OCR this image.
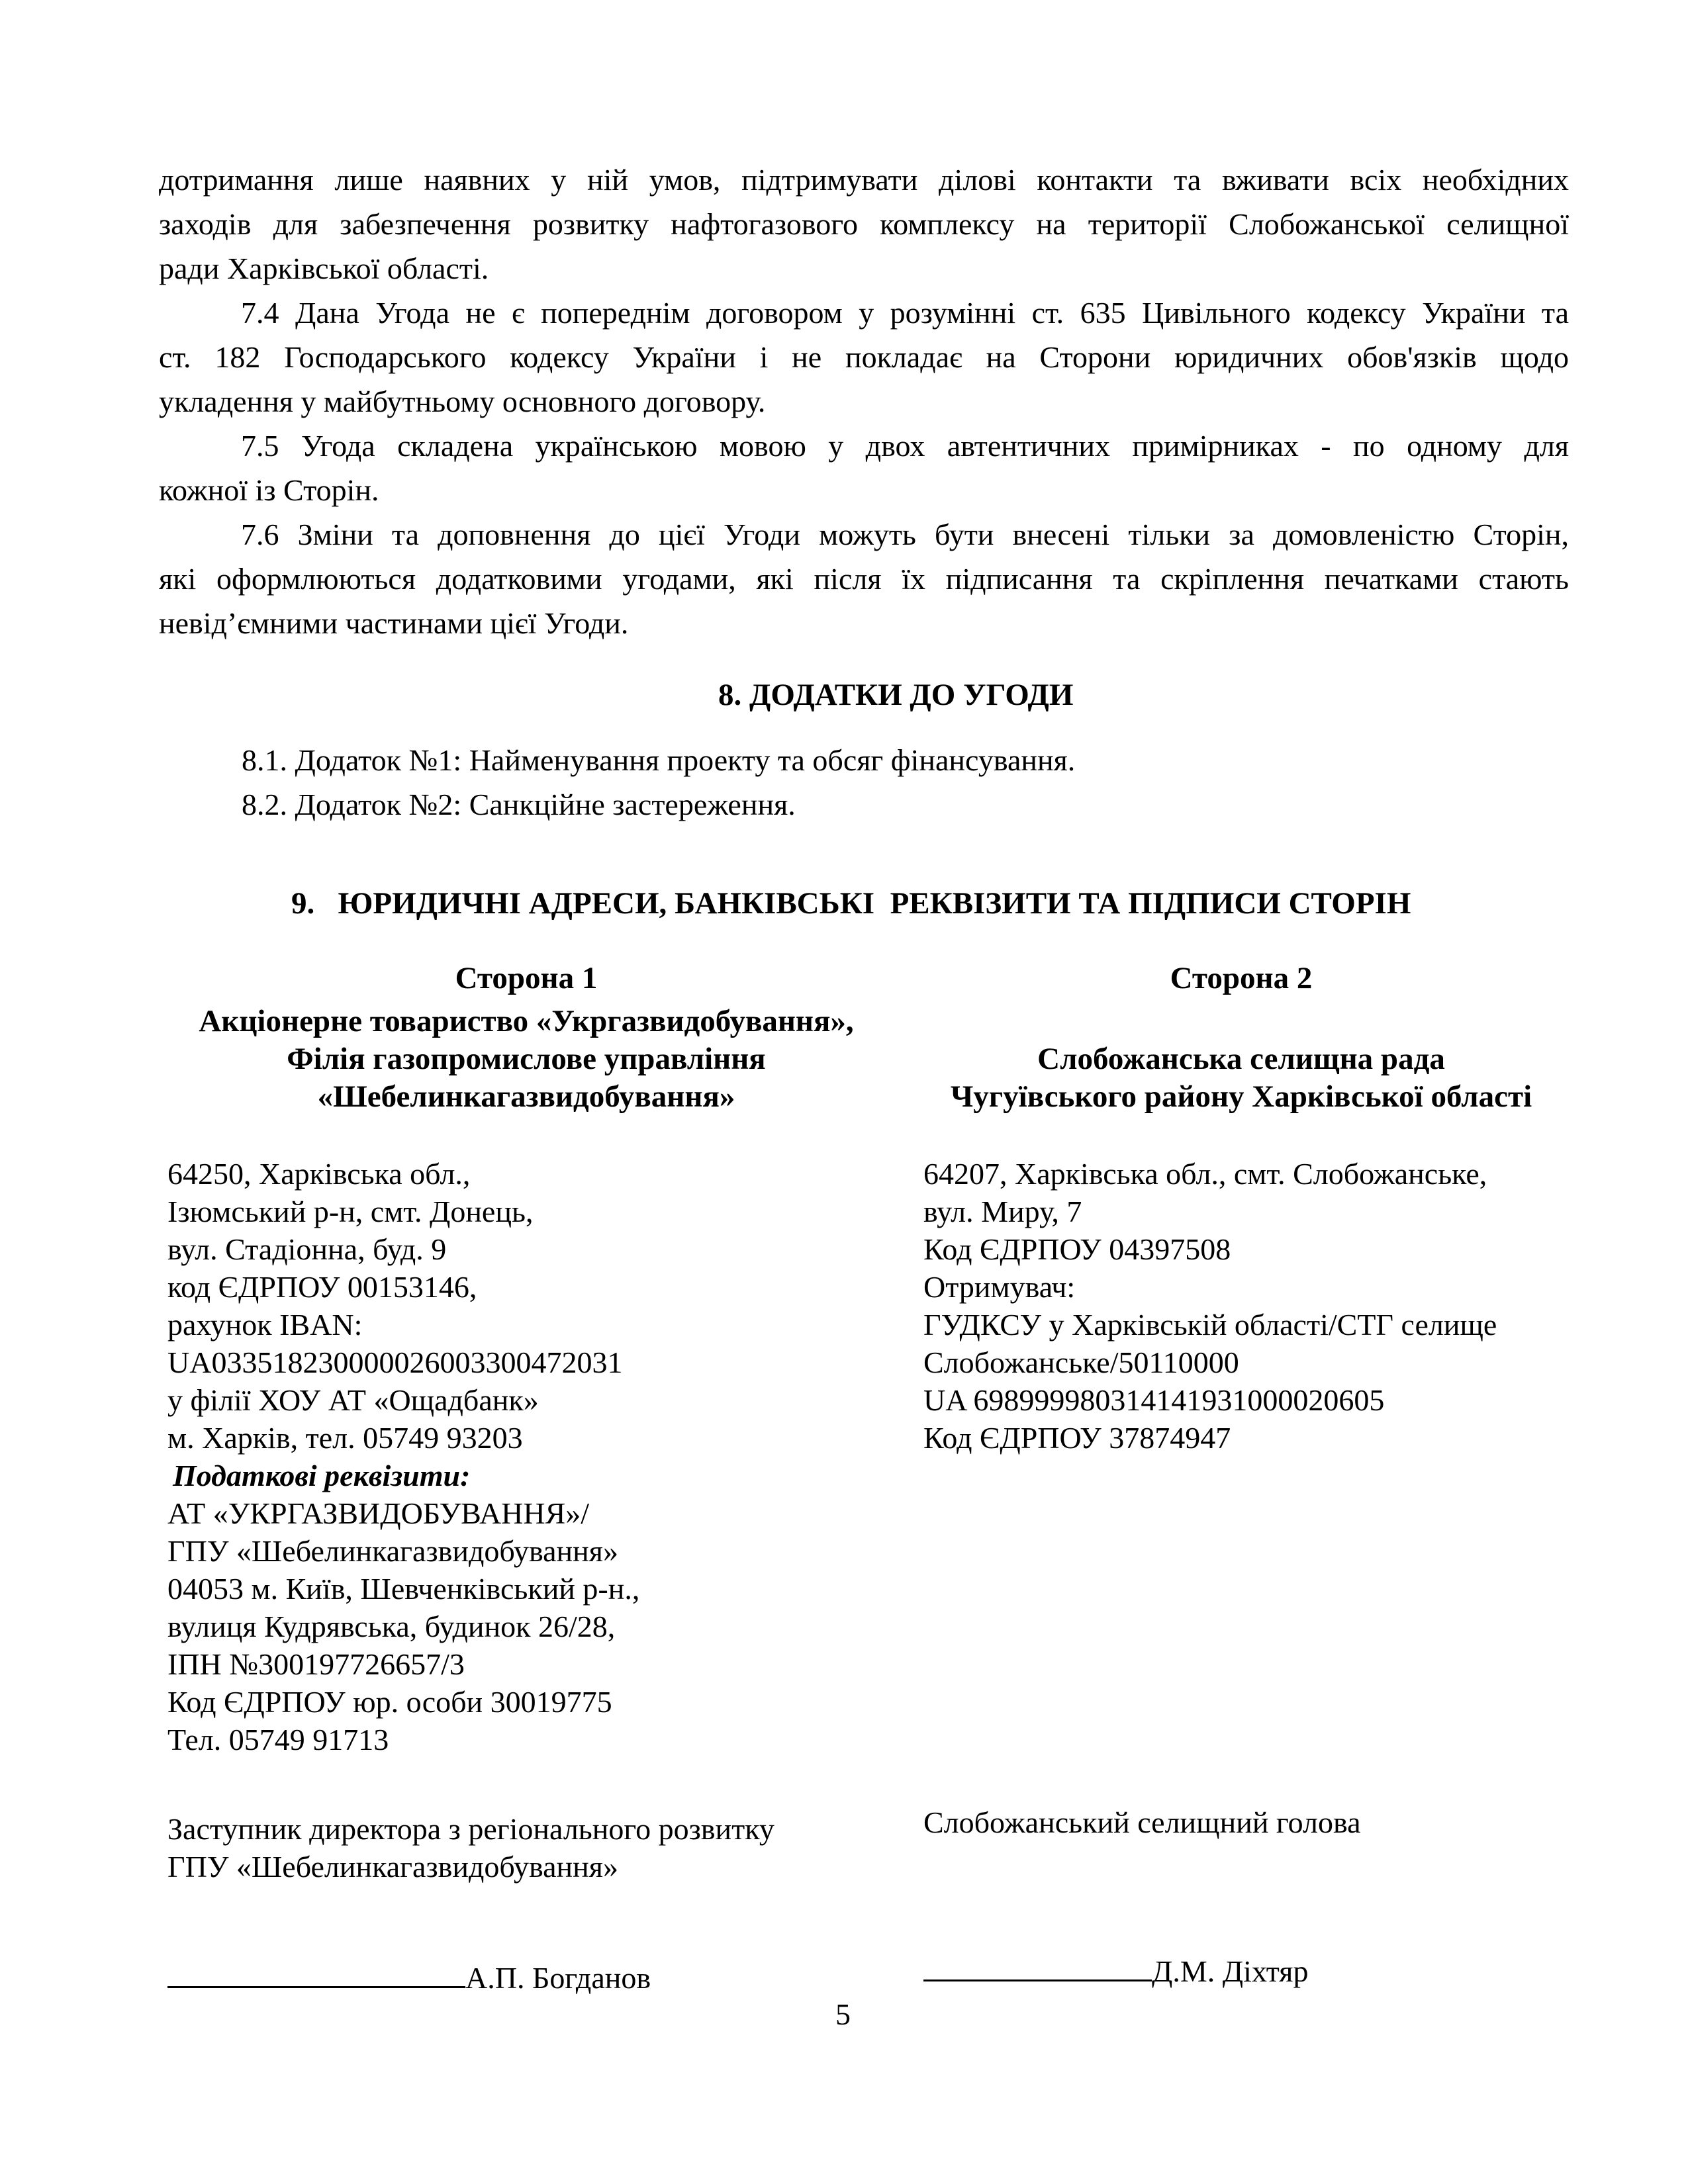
дотримання лише наявних у ній умов, підтримувати ділові контакти та вживати всіх необхідних
заходів для забезпечення розвитку нафтогазового комплексу на території Слобожанської селищної
ради Харківської області.
7.4 Дана Угода не є попереднім договором у розумінні ст. 635 Цивільного кодексу України та
ст. 182 Господарського кодексу України і не покладає на Сторони юридичних обов'язків щодо
укладення у майбутньому основного договору.
7.5 Угода складена українською мовою у двох автентичних примірниках - по одному для
кожної із Сторін.
7.6 Зміни та доповнення до цієї Угоди можуть бути внесені тільки за домовленістю Сторін,
які оформлюються додатковими угодами, які після їх підписання та скріплення печатками стають
невід’ємними частинами цієї Угоди.
8. ДОДАТКИ ДО УГОДИ
8.1. Додаток №1: Найменування проекту та обсяг фінансування.
8.2. Додаток №2: Санкційне застереження.
9.   ЮРИДИЧНІ АДРЕСИ, БАНКІВСЬКІ  РЕКВІЗИТИ ТА ПІДПИСИ СТОРІН
Сторона 1
Акціонерне товариство «Укргазвидобування»,
Філія газопромислове управління
«Шебелинкагазвидобування»
Сторона 2
Слобожанська селищна рада
Чугуївського району Харківської області
64250, Харківська обл.,
Ізюмський р-н, смт. Донець,
вул. Стадіонна, буд. 9
код ЄДРПОУ 00153146,
рахунок IBAN:
UA033518230000026003300472031
у філії ХОУ АТ «Ощадбанк»
м. Харків, тел. 05749 93203
Податкові реквізити:
АТ «УКРГАЗВИДОБУВАННЯ»/
ГПУ «Шебелинкагазвидобування»
04053 м. Київ, Шевченківський р-н.,
вулиця Кудрявська, будинок 26/28,
ІПН №300197726657/3
Код ЄДРПОУ юр. особи 30019775
Тел. 05749 91713
64207, Харківська обл., смт. Слобожанське,
вул. Миру, 7
Код ЄДРПОУ 04397508
Отримувач:
ГУДКСУ у Харківській області/СТГ селище
Слобожанське/50110000
UA 698999980314141931000020605
Код ЄДРПОУ 37874947
Заступник директора з регіонального розвитку
ГПУ «Шебелинкагазвидобування»
Слобожанський селищний голова
А.П. Богданов	Д.М. Діхтяр
5
